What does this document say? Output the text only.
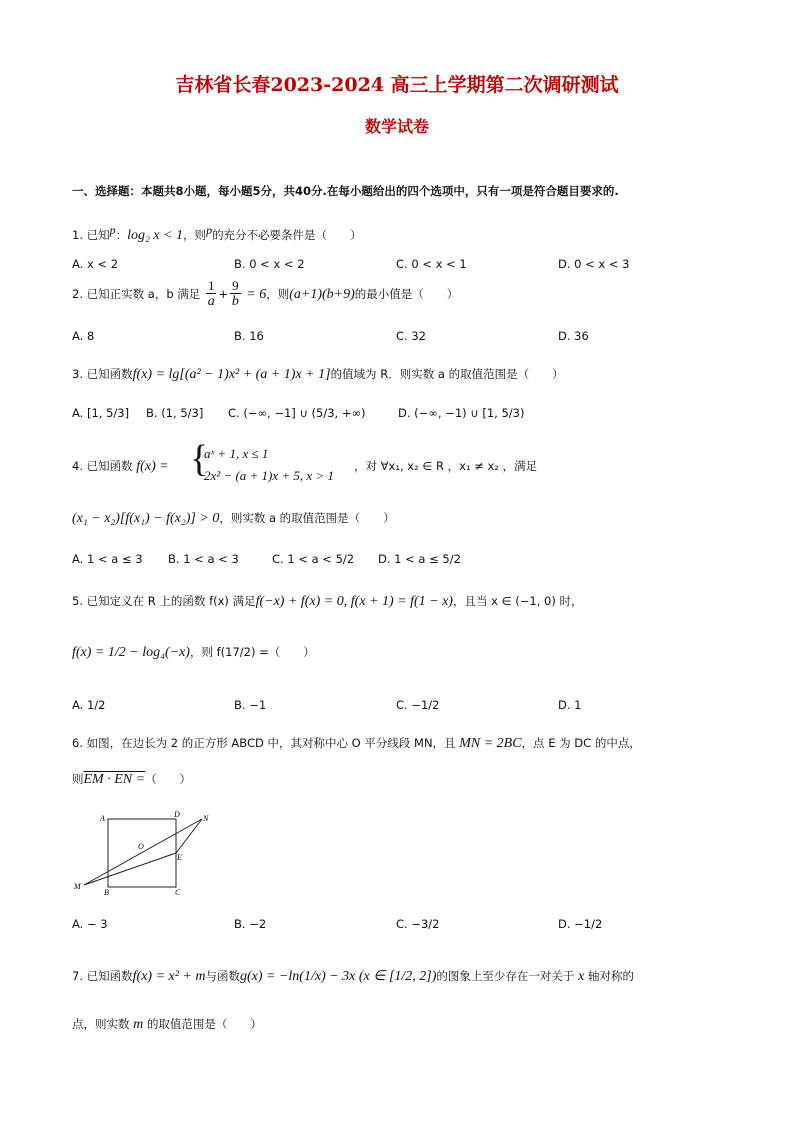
吉林省长春2023-2024 高三上学期第二次调研测试
数学试卷
一、选择题：本题共8小题，每小题5分，共40分.在每小题给出的四个选项中，只有一项是符合题目要求的.
1. 已知$^p$：log₂ x < 1，则$^p$的充分不必要条件是（　　）
A. x < 2	B. 0 < x < 2	C. 0 < x < 1	D. 0 < x < 3
2. 已知正实数 a，b 满足 $\frac{1}{a} + \frac{9}{b} = 6$，则(a+1)(b+9)的最小值是（　　）
A. 8	B. 16	C. 32	D. 36
3. 已知函数f(x) = lg[(a² − 1)x² + (a + 1)x + 1]的值域为 R．则实数 a 的取值范围是（　　）
A. [1, 5/3] B. (1, 5/3] C. (−∞, −1] ∪ (5/3, +∞)	D. (−∞, −1) ∪ [1, 5/3)
4. 已知函数 f(x) = {
aˣ + 1, x ≤ 1
2x² − (a + 1)x + 5, x > 1
，对 ∀x₁, x₂ ∈ R ，x₁ ≠ x₂ ，满足
(x₁ − x₂)[f(x₁) − f(x₂)] > 0，则实数 a 的取值范围是（　　）
A. 1 < a ≤ 3 B. 1 < a < 3	C. 1 < a < 5/2 D. 1 < a ≤ 5/2
5. 已知定义在 R 上的函数 f(x) 满足f(−x) + f(x) = 0, f(x + 1) = f(1 − x)，且当 x ∈ (−1, 0) 时，
f(x) = 1/2 − log₄(−x)，则 f(17/2) =（　　）
A. 1/2	B. −1	C. −1/2	D. 1
6. 如图，在边长为 2 的正方形 ABCD 中，其对称中心 O 平分线段 MN，且 MN = 2BC，点 E 为 DC 的中点，
则EM · EN =（　　）
A
B	C
D
O
E
M
N
A. − 3	B. −2	C. −3/2	D. −1/2
7. 已知函数f(x) = x² + m与函数g(x) = −ln(1/x) − 3x (x ∈ [1/2, 2])的图象上至少存在一对关于 x 轴对称的
点，则实数 m 的取值范围是（　　）
